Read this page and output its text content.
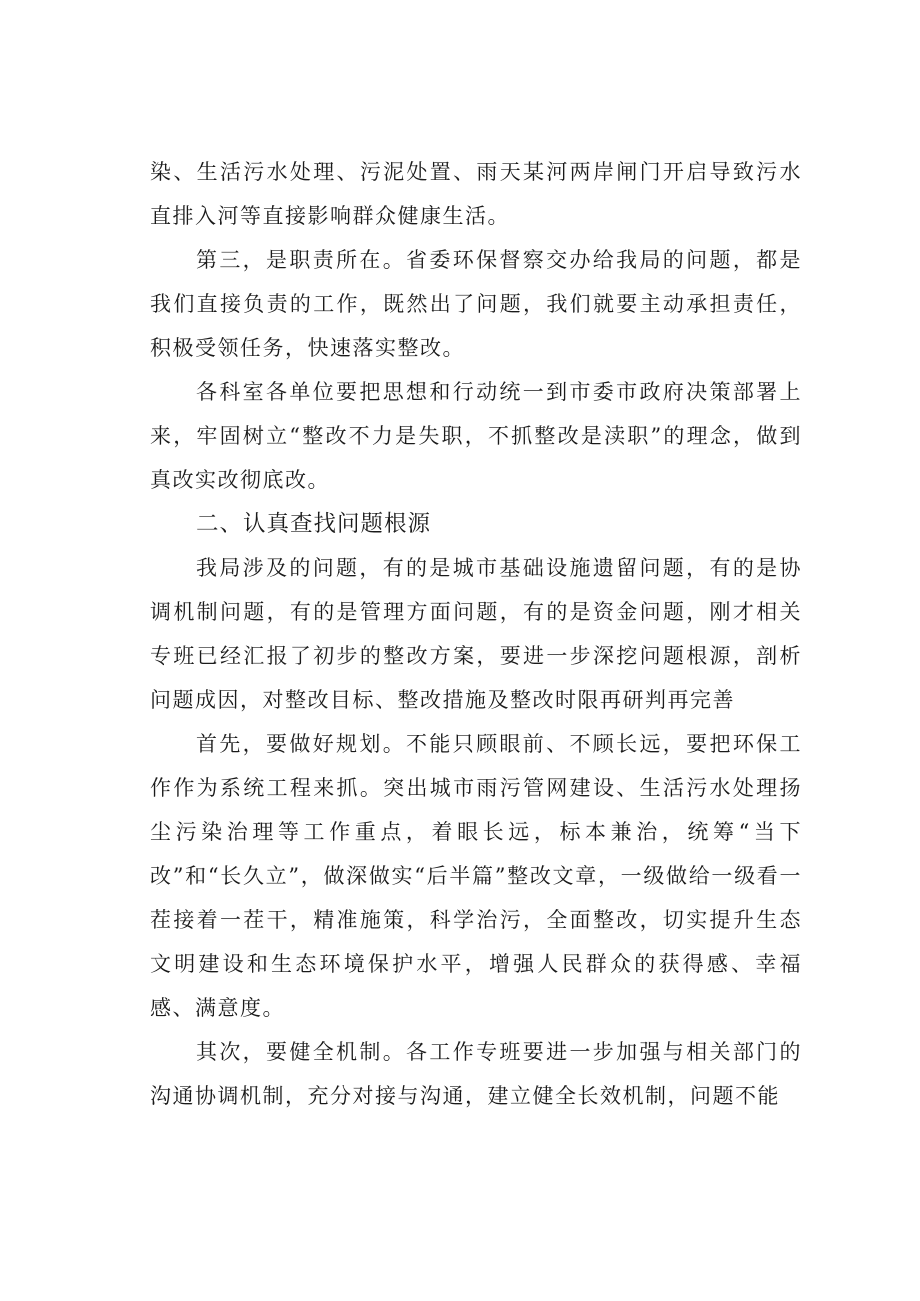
染、生活污水处理、污泥处置、雨天某河两岸闸门开启导致污水直排入河等直接影响群众健康生活。

第三，是职责所在。省委环保督察交办给我局的问题，都是我们直接负责的工作，既然出了问题，我们就要主动承担责任，积极受领任务，快速落实整改。

各科室各单位要把思想和行动统一到市委市政府决策部署上来，牢固树立“整改不力是失职，不抓整改是渎职”的理念，做到真改实改彻底改。

二、认真查找问题根源

我局涉及的问题，有的是城市基础设施遗留问题，有的是协调机制问题，有的是管理方面问题，有的是资金问题，刚才相关专班已经汇报了初步的整改方案，要进一步深挖问题根源，剖析问题成因，对整改目标、整改措施及整改时限再研判再完善

首先，要做好规划。不能只顾眼前、不顾长远，要把环保工作作为系统工程来抓。突出城市雨污管网建设、生活污水处理扬尘污染治理等工作重点，着眼长远，标本兼治，统筹“当下改”和“长久立”，做深做实“后半篇”整改文章，一级做给一级看一茬接着一茬干，精准施策，科学治污，全面整改，切实提升生态文明建设和生态环境保护水平，增强人民群众的获得感、幸福感、满意度。

其次，要健全机制。各工作专班要进一步加强与相关部门的沟通协调机制，充分对接与沟通，建立健全长效机制，问题不能
